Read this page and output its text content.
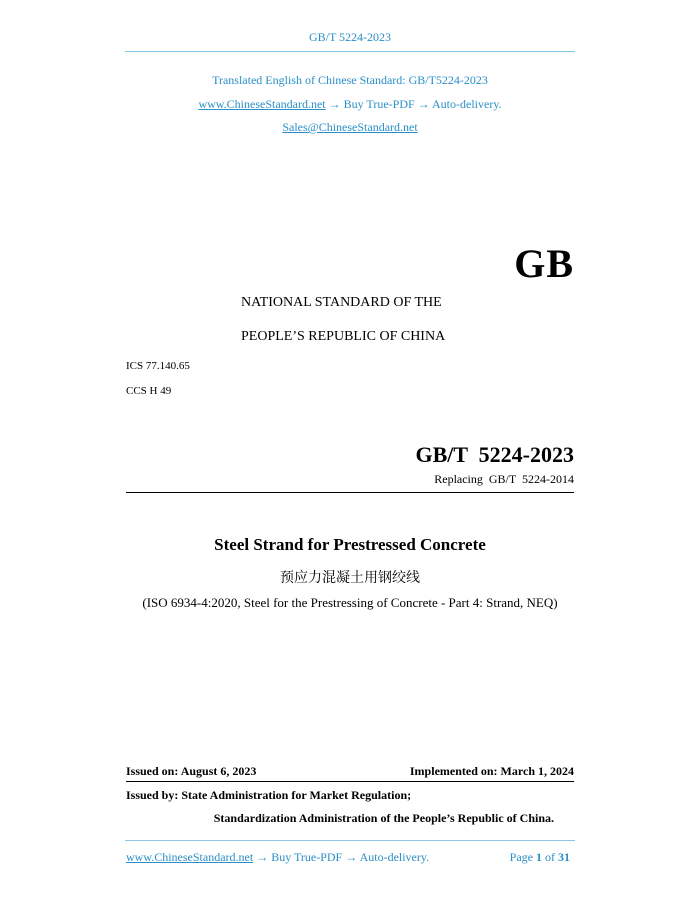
GB/T 5224-2023
Translated English of Chinese Standard: GB/T5224-2023
www.ChineseStandard.net → Buy True-PDF → Auto-delivery.
Sales@ChineseStandard.net
GB
NATIONAL STANDARD OF THE
PEOPLE’S REPUBLIC OF CHINA
ICS 77.140.65
CCS H 49
GB/T  5224-2023
Replacing  GB/T  5224-2014
Steel Strand for Prestressed Concrete
预应力混凝土用钢绞线
(ISO 6934-4:2020, Steel for the Prestressing of Concrete - Part 4: Strand, NEQ)
Issued on: August 6, 2023	Implemented on: March 1, 2024
Issued by: State Administration for Market Regulation;
Standardization Administration of the People’s Republic of China.
www.ChineseStandard.net → Buy True-PDF → Auto-delivery.	Page 1 of 31
